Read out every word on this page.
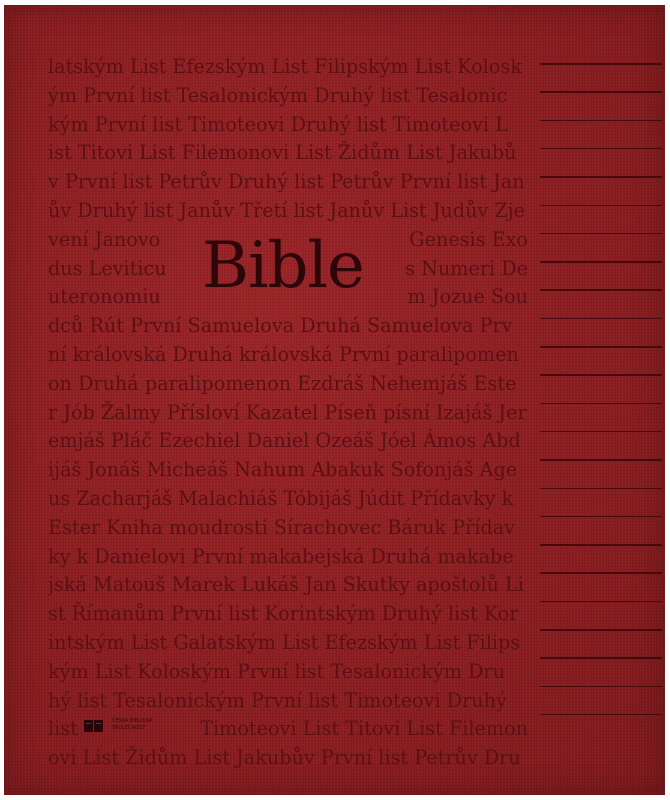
latským List Efezským List Filipským List Kolosk
ým První list Tesalonickým Druhý list Tesalonic
kým První list Timoteovi Druhý list Timoteovi L
ist Titovi List Filemonovi List Židům List Jakubů
v První list Petrův Druhý list Petrův První list Jan
ův Druhý list Janův Třetí list Janův List Judův Zje
vení Janovo	Genesis Exo
dus Leviticu	s Numeri De
uteronomiu	m Jozue Sou
dců Rút První Samuelova Druhá Samuelova Prv
ní královská Druhá královská První paralipomen
on Druhá paralipomenon Ezdráš Nehemjáš Este
r Jób Žalmy Přísloví Kazatel Píseň písní Izajáš Jer
emjáš Pláč Ezechiel Daniel Ozeáš Jóel Ámos Abd
ijáš Jonáš Micheáš Nahum Abakuk Sofonjáš Age
us Zacharjáš Malachiáš Tóbijáš Júdit Přídavky k
Ester Kniha moudrosti Sírachovec Báruk Přídav
ky k Danielovi První makabejská Druhá makabe
jská Matouš Marek Lukáš Jan Skutky apoštolů Li
st Římanům První list Korintským Druhý list Kor
intským List Galatským List Efezským List Filips
kým List Koloským První list Tesalonickým Dru
hý list Tesalonickým První list Timoteovi Druhý
list	Timoteovi List Titovi List Filemon
ČESKÁ BIBLICKÁ
SPOLEČNOST
ovi List Židům List Jakubův První list Petrův Dru
Bible
